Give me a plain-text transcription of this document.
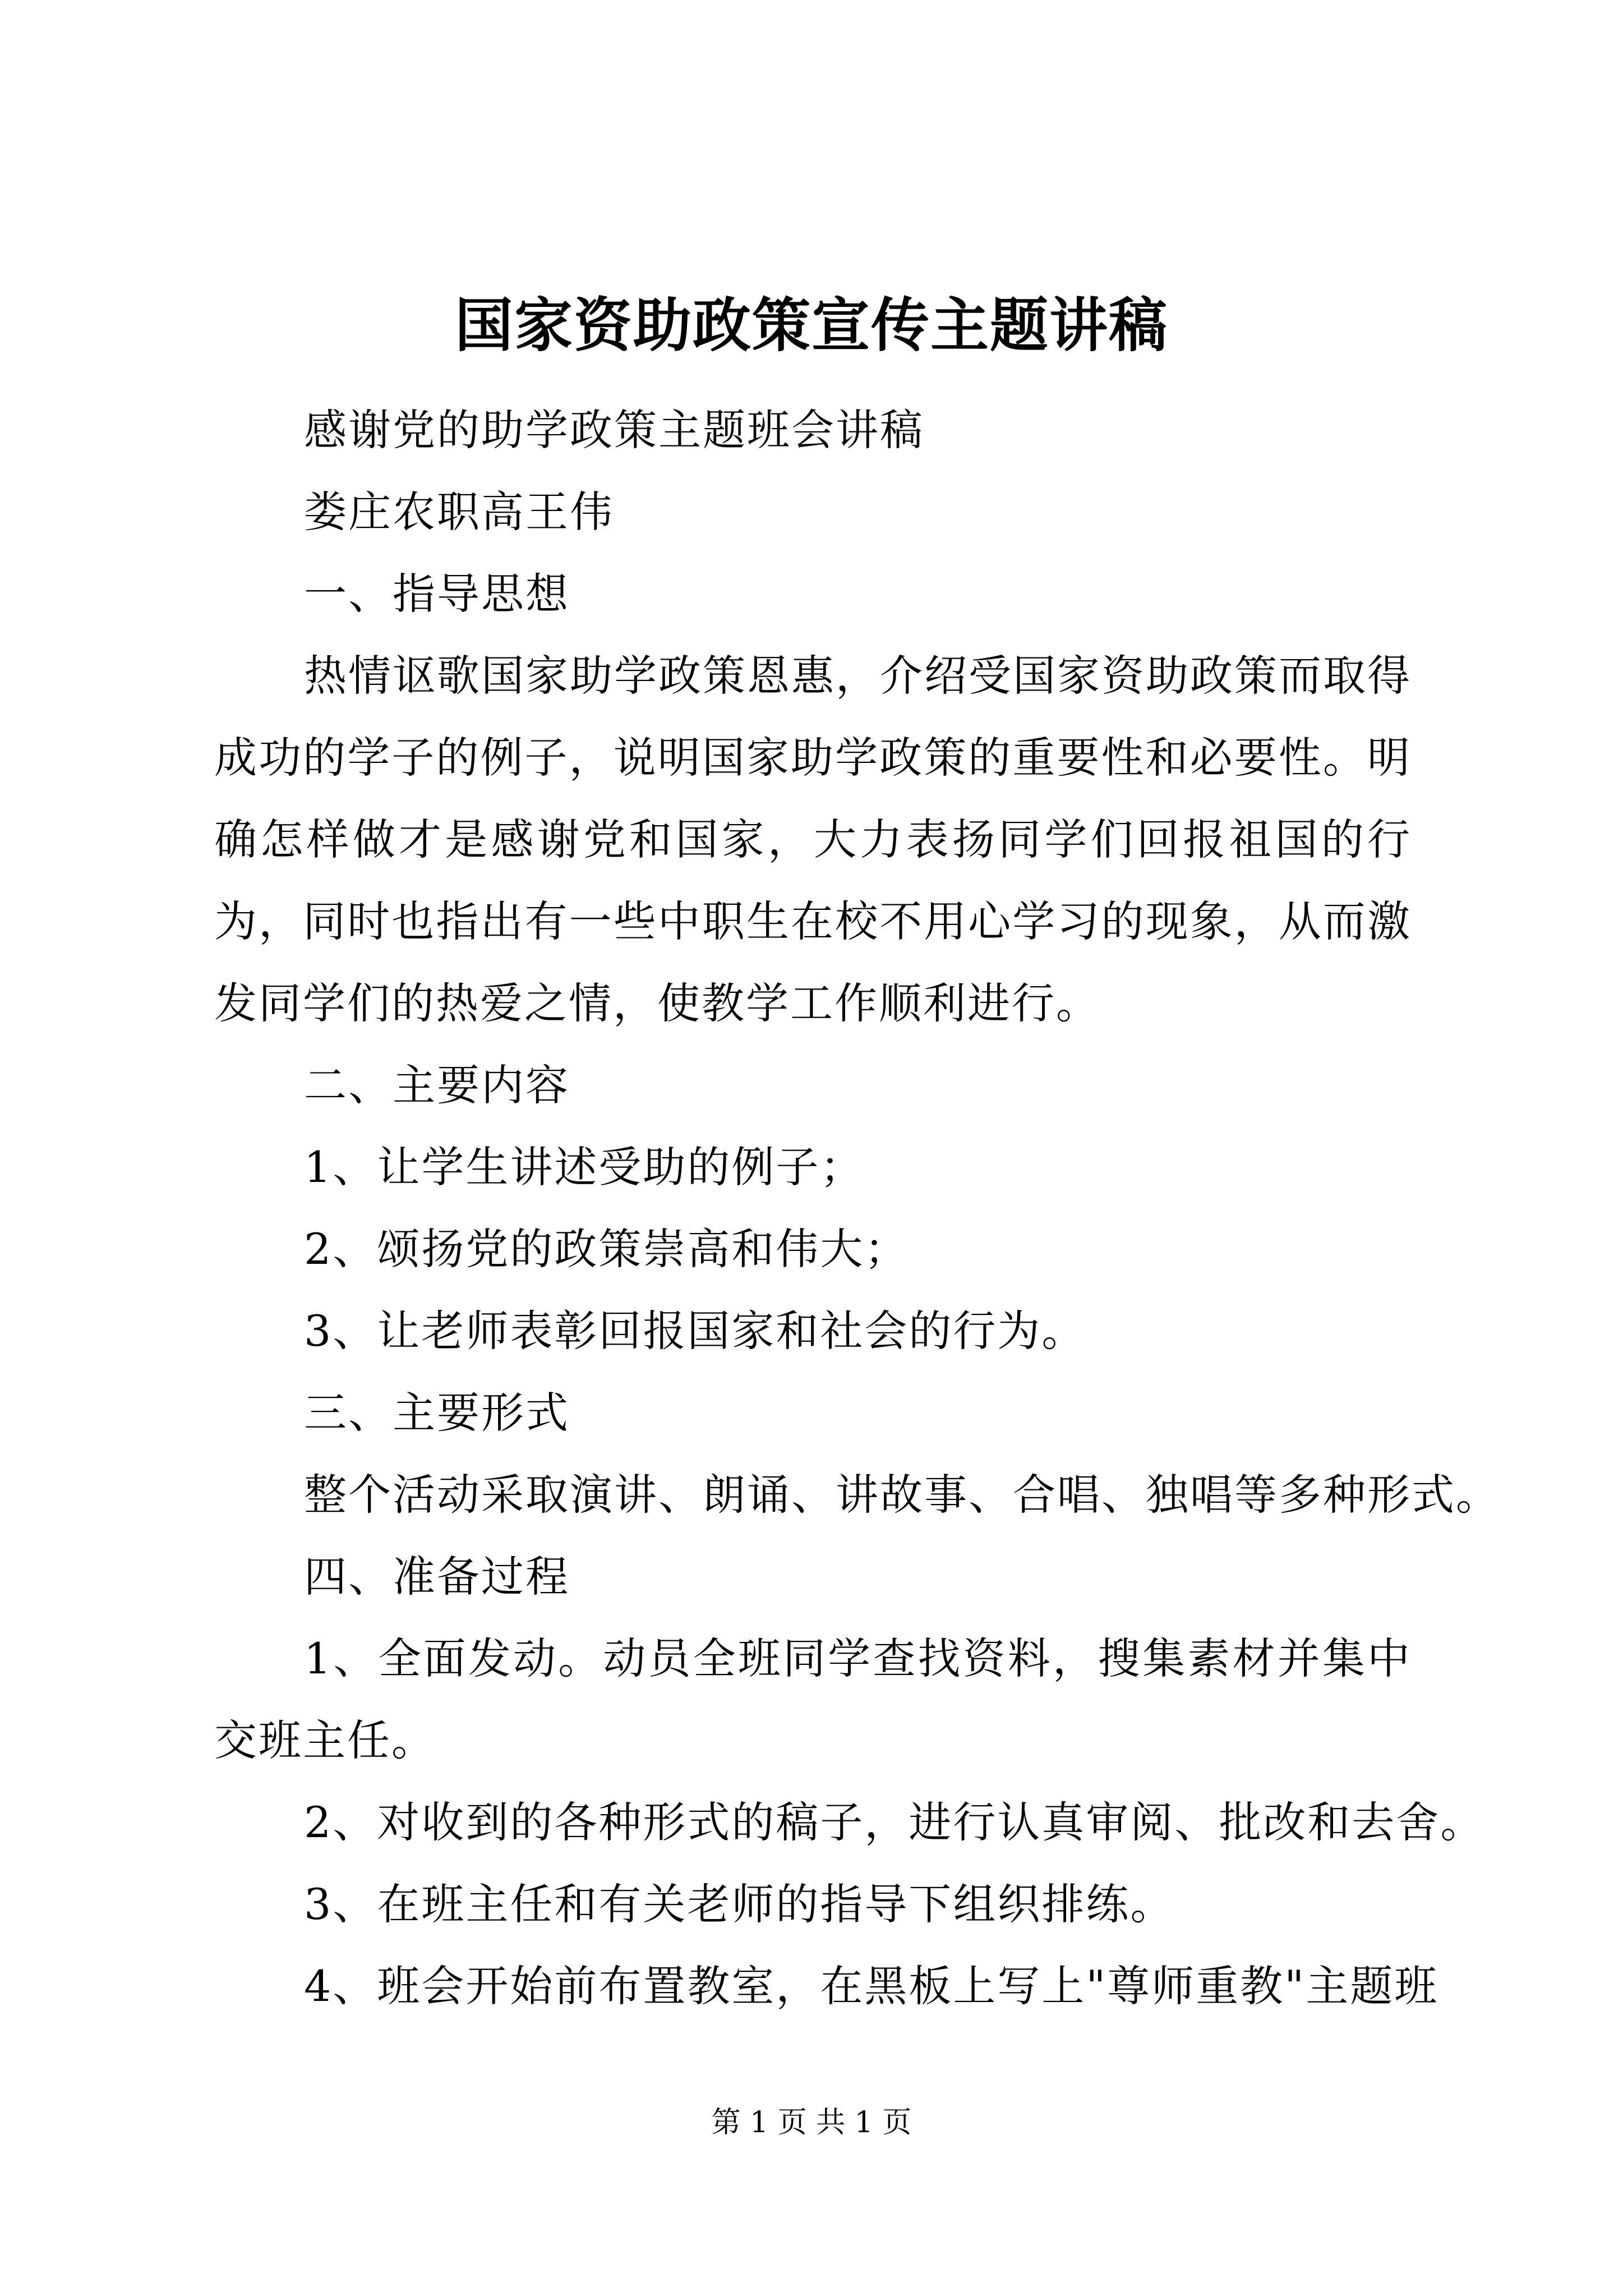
国家资助政策宣传主题讲稿

感谢党的助学政策主题班会讲稿

娄庄农职高王伟

一、指导思想

热情讴歌国家助学政策恩惠，介绍受国家资助政策而取得成功的学子的例子，说明国家助学政策的重要性和必要性。明确怎样做才是感谢党和国家，大力表扬同学们回报祖国的行为，同时也指出有一些中职生在校不用心学习的现象，从而激发同学们的热爱之情，使教学工作顺利进行。

二、主要内容

1、让学生讲述受助的例子；

2、颂扬党的政策崇高和伟大；

3、让老师表彰回报国家和社会的行为。

三、主要形式

整个活动采取演讲、朗诵、讲故事、合唱、独唱等多种形式。

四、准备过程

1、全面发动。动员全班同学查找资料，搜集素材并集中交班主任。

2、对收到的各种形式的稿子，进行认真审阅、批改和去舍。

3、在班主任和有关老师的指导下组织排练。

4、班会开始前布置教室，在黑板上写上"尊师重教"主题班

第 1 页 共 1 页
